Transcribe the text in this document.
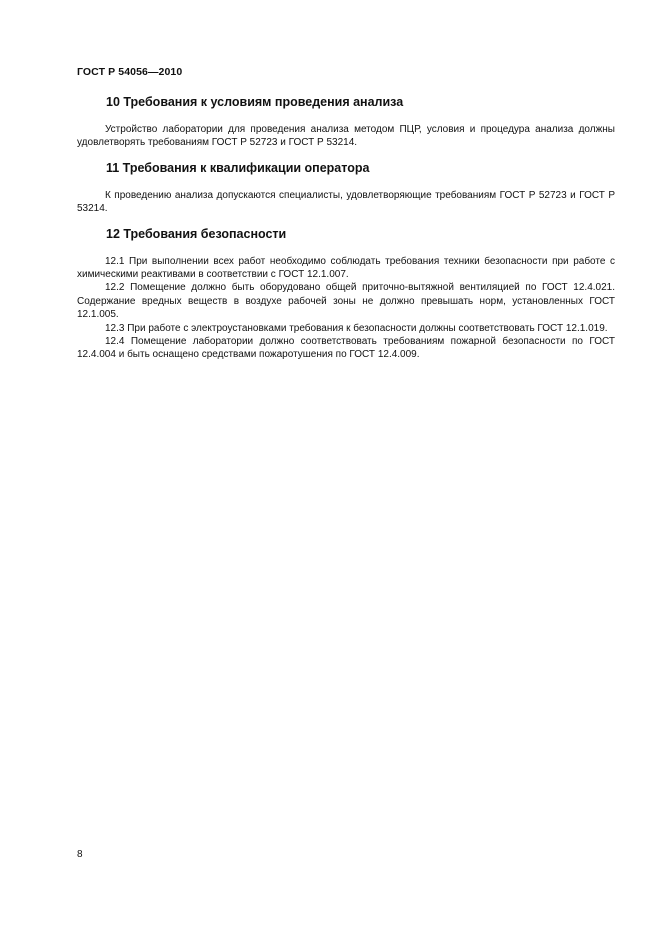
ГОСТ Р 54056—2010
10 Требования к условиям проведения анализа

Устройство лаборатории для проведения анализа методом ПЦР, условия и процедура анализа должны удовлетворять требованиям ГОСТ Р 52723 и ГОСТ Р 53214.

11 Требования к квалификации оператора

К проведению анализа допускаются специалисты, удовлетворяющие требованиям ГОСТ Р 52723 и ГОСТ Р 53214.

12 Требования безопасности

12.1 При выполнении всех работ необходимо соблюдать требования техники безопасности при работе с химическими реактивами в соответствии с ГОСТ 12.1.007.

12.2 Помещение должно быть оборудовано общей приточно-вытяжной вентиляцией по ГОСТ 12.4.021. Содержание вредных веществ в воздухе рабочей зоны не должно превышать норм, установленных ГОСТ 12.1.005.

12.3 При работе с электроустановками требования к безопасности должны соответствовать ГОСТ 12.1.019.

12.4 Помещение лаборатории должно соответствовать требованиям пожарной безопасности по ГОСТ 12.4.004 и быть оснащено средствами пожаротушения по ГОСТ 12.4.009.

8
